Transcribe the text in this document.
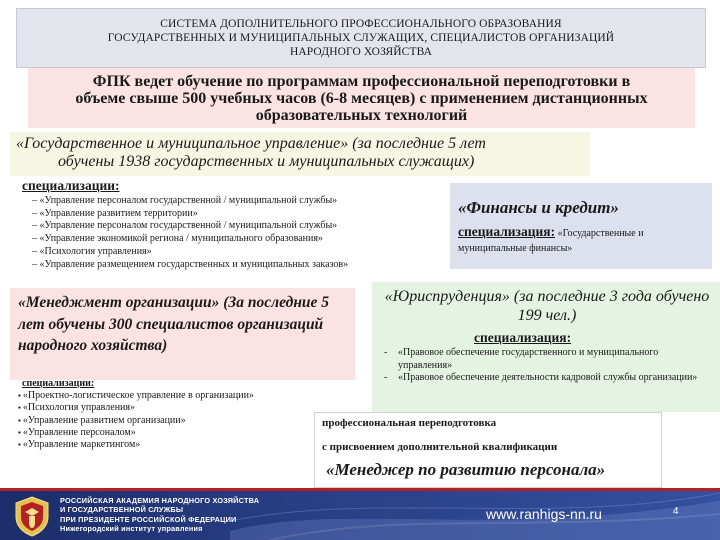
СИСТЕМА ДОПОЛНИТЕЛЬНОГО ПРОФЕССИОНАЛЬНОГО ОБРАЗОВАНИЯ
ГОСУДАРСТВЕННЫХ И МУНИЦИПАЛЬНЫХ СЛУЖАЩИХ, СПЕЦИАЛИСТОВ ОРГАНИЗАЦИЙ
НАРОДНОГО ХОЗЯЙСТВА
ФПК ведет обучение по программам профессиональной переподготовки в
объеме свыше 500 учебных часов (6-8 месяцев) с применением дистанционных
образовательных технологий
«Государственное и муниципальное управление» (за последние 5 лет
обучены 1938 государственных и муниципальных служащих)
специализации:
– «Управление персоналом государственной / муниципальной службы»
– «Управление развитием территории»
– «Управление персоналом государственной / муниципальной службы»
– «Управление экономикой региона / муниципального образования»
– «Психология управления»
– «Управление размещением государственных и муниципальных заказов»
«Финансы и кредит»
специализация: «Государственные и муниципальные финансы»
«Менеджмент организации» (За последние 5 лет обучены 300 специалистов организаций народного хозяйства)
специализации:
▪ «Проектно-логистическое управление в организации»
▪ «Психология управления»
▪ «Управление развитием организации»
▪ «Управление персоналом»
▪ «Управление маркетингом»
«Юриспруденция» (за последние 3 года обучено 199 чел.)
специализация:
- «Правовое обеспечение государственного и муниципального управления»
- «Правовое обеспечение деятельности кадровой службы организации»
профессиональная переподготовка
с присвоением дополнительной квалификации
«Менеджер по развитию персонала»
РОССИЙСКАЯ АКАДЕМИЯ НАРОДНОГО ХОЗЯЙСТВА
И ГОСУДАРСТВЕННОЙ СЛУЖБЫ
ПРИ ПРЕЗИДЕНТЕ РОССИЙСКОЙ ФЕДЕРАЦИИ
Нижегородский институт управления
www.ranhigs-nn.ru	4
